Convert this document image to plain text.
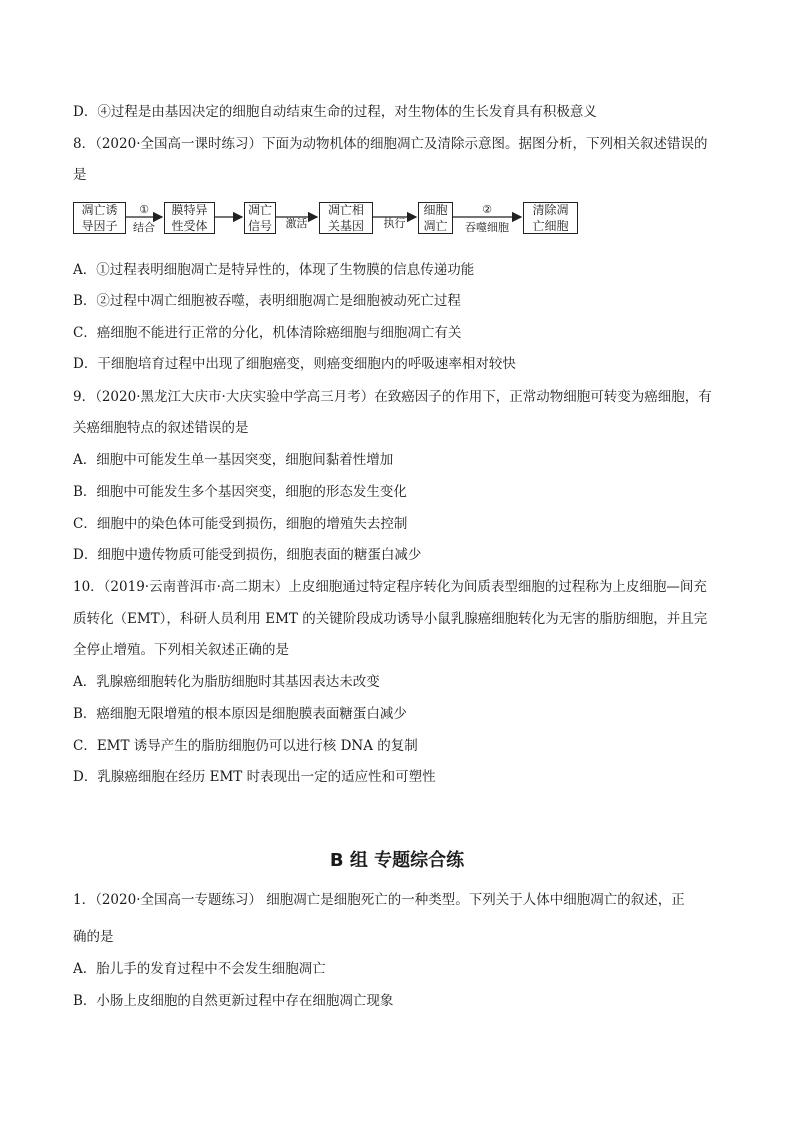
D．④过程是由基因决定的细胞自动结束生命的过程，对生物体的生长发育具有积极意义
8．（2020·全国高一课时练习）下面为动物机体的细胞凋亡及清除示意图。据图分析，下列相关叙述错误的
是
凋亡诱
导因子
膜特异
性受体
凋亡
信号
凋亡相
关基因
细胞
凋亡
清除凋
亡细胞
①
结合	激活	执行
②
吞噬细胞
A．①过程表明细胞凋亡是特异性的，体现了生物膜的信息传递功能
B．②过程中凋亡细胞被吞噬，表明细胞凋亡是细胞被动死亡过程
C．癌细胞不能进行正常的分化，机体清除癌细胞与细胞凋亡有关
D．干细胞培育过程中出现了细胞癌变，则癌变细胞内的呼吸速率相对较快
9．（2020·黑龙江大庆市·大庆实验中学高三月考）在致癌因子的作用下，正常动物细胞可转变为癌细胞，有
关癌细胞特点的叙述错误的是
A．细胞中可能发生单一基因突变，细胞间黏着性增加
B．细胞中可能发生多个基因突变，细胞的形态发生变化
C．细胞中的染色体可能受到损伤，细胞的增殖失去控制
D．细胞中遗传物质可能受到损伤，细胞表面的糖蛋白减少
10．（2019·云南普洱市·高二期末）上皮细胞通过特定程序转化为间质表型细胞的过程称为上皮细胞—间充
质转化（EMT），科研人员利用 EMT 的关键阶段成功诱导小鼠乳腺癌细胞转化为无害的脂肪细胞，并且完
全停止增殖。下列相关叙述正确的是
A．乳腺癌细胞转化为脂肪细胞时其基因表达未改变
B．癌细胞无限增殖的根本原因是细胞膜表面糖蛋白减少
C．EMT 诱导产生的脂肪细胞仍可以进行核 DNA 的复制
D．乳腺癌细胞在经历 EMT 时表现出一定的适应性和可塑性
B 组 专题综合练
1．（2020·全国高一专题练习） 细胞凋亡是细胞死亡的一种类型。下列关于人体中细胞凋亡的叙述，正
确的是
A．胎儿手的发育过程中不会发生细胞凋亡
B．小肠上皮细胞的自然更新过程中存在细胞凋亡现象
